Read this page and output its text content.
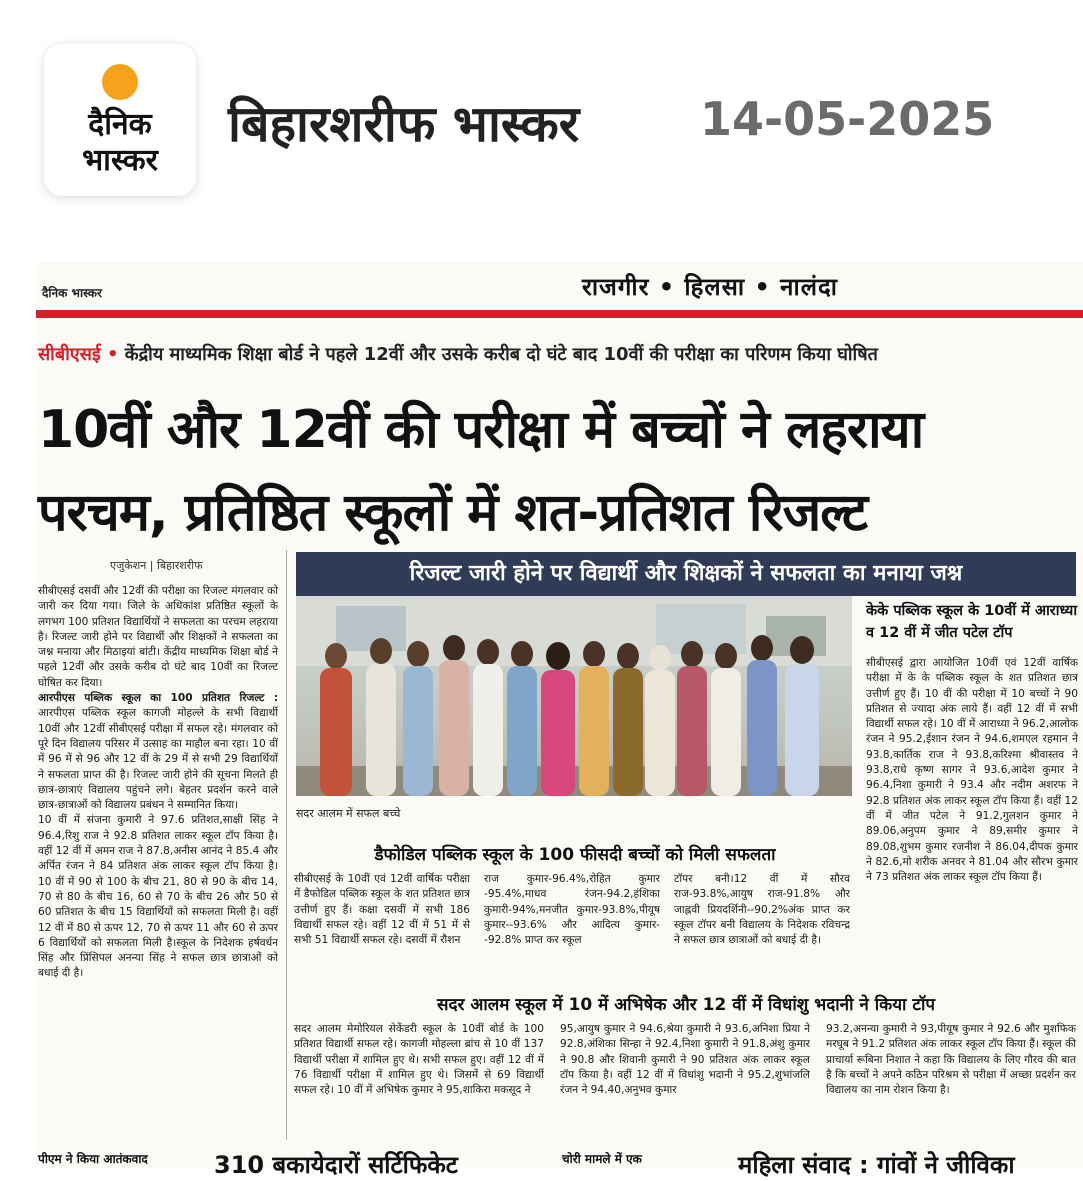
दैनिक
भास्कर
बिहारशरीफ भास्कर	14-05-2025
दैनिक भास्कर	राजगीर • हिलसा • नालंदा
सीबीएसई • केंद्रीय माध्यमिक शिक्षा बोर्ड ने पहले 12वीं और उसके करीब दो घंटे बाद 10वीं की परीक्षा का परिणम किया घोषित
10वीं और 12वीं की परीक्षा में बच्चों ने लहराया
परचम, प्रतिष्ठित स्कूलों में शत-प्रतिशत रिजल्ट
एजुकेशन | बिहारशरीफ

सीबीएसई दसवीं और 12वीं की परीक्षा का रिजल्ट मंगलवार को जारी कर दिया गया। जिले के अधिकांश प्रतिष्ठित स्कूलों के लगभग 100 प्रतिशत विद्यार्थियों ने सफलता का परचम लहराया है। रिजल्ट जारी होने पर विद्यार्थी और शिक्षकों ने सफलता का जश्न मनाया और मिठाइयां बांटी। केंद्रीय माध्यमिक शिक्षा बोर्ड ने पहले 12वीं और उसके करीब दो घंटे बाद 10वीं का रिजल्ट घोषित कर दिया।

आरपीएस पब्लिक स्कूल का 100 प्रतिशत रिजल्ट : आरपीएस पब्लिक स्कूल कागजी मोहल्ले के सभी विद्यार्थी 10वीं और 12वीं सीबीएसई परीक्षा में सफल रहे। मंगलवार को पूरे दिन विद्यालय परिसर में उत्साह का माहौल बना रहा। 10 वीं में 96 में से 96 और 12 वीं के 29 में से सभी 29 विद्यार्थियों ने सफलता प्राप्त की है। रिजल्ट जारी होने की सूचना मिलते ही छात्र-छात्राएं विद्यालय पहुंचने लगे। बेहतर प्रदर्शन करने वाले छात्र-छात्राओं को विद्यालय प्रबंधन ने सम्मानित किया।

10 वीं में संजना कुमारी ने 97.6 प्रतिशत,साक्षी सिंह ने 96.4,रिशु राज ने 92.8 प्रतिशत लाकर स्कूल टॉप किया है। वहीं 12 वीं में अमन राज ने 87.8,अनीस आनंद ने 85.4 और अर्पित रंजन ने 84 प्रतिशत अंक लाकर स्कूल टॉप किया है। 10 वीं में 90 से 100 के बीच 21, 80 से 90 के बीच 14, 70 से 80 के बीच 16, 60 से 70 के बीच 26 और 50 से 60 प्रतिशत के बीच 15 विद्यार्थियों को सफलता मिली है। वहीं 12 वीं में 80 से ऊपर 12, 70 से ऊपर 11 और 60 से ऊपर 6 विद्यार्थियों को सफलता मिली है।स्कूल के निदेशक हर्षवर्धन सिंह और प्रिंसिपल अनन्या सिंह ने सफल छात्र छात्राओं को बधाई दी है।

रिजल्ट जारी होने पर विद्यार्थी और शिक्षकों ने सफलता का मनाया जश्न
सदर आलम में सफल बच्चे
केके पब्लिक स्कूल के 10वीं में आराध्या व 12 वीं में जीत पटेल टॉप
सीबीएसई द्वारा आयोजित 10वीं एवं 12वीं वार्षिक परीक्षा में के के पब्लिक स्कूल के शत प्रतिशत छात्र उत्तीर्ण हुए हैं। 10 वीं की परीक्षा में 10 बच्चों ने 90 प्रतिशत से ज्यादा अंक लाये हैं। वहीं 12 वीं में सभी विद्यार्थी सफल रहे। 10 वीं में आराध्या ने 96.2,आलोक रंजन ने 95.2,ईशान रंजन ने 94.6,शमएल रहमान ने 93.8,कार्तिक राज ने 93.8,करिश्मा श्रीवास्तव ने 93.8,राधे कृष्ण सागर ने 93.6,आदेश कुमार ने 96.4,निशा कुमारी ने 93.4 और नदीम अशरफ ने 92.8 प्रतिशत अंक लाकर स्कूल टॉप किया हैं। वहीं 12 वीं में जीत पटेल ने 91.2,गुलशन कुमार ने 89.06,अनुपम कुमार ने 89,समीर कुमार ने 89.08,शुभम कुमार रजनीश ने 86.04,दीपक कुमार ने 82.6,मो शरीक अनवर ने 81.04 और सौरभ कुमार ने 73 प्रतिशत अंक लाकर स्कूल टॉप किया हैं।
डैफोडिल पब्लिक स्कूल के 100 फीसदी बच्चों को मिली सफलता
सीबीएसई के 10वीं एवं 12वीं वार्षिक परीक्षा में डैफोडिल पब्लिक स्कूल के शत प्रतिशत छात्र उत्तीर्ण हुए हैं। कक्षा दसवीं में सभी 186 विद्यार्थी सफल रहे। वहीं 12 वीं में 51 में से सभी 51 विद्यार्थी सफल रहे। दसवीं में रौशन
राज कुमार-96.4%,रोहित कुमार -95.4%,माधव रंजन-94.2,हंशिका कुमारी-94%,मनजीत कुमार-93.8%,पीयूष कुमार--93.6% और आदित्य कुमार--92.8% प्राप्त कर स्कूल
टॉपर बनी।12 वीं में सौरव राज-93.8%,आयुष राज-91.8% और जाह्नवी प्रियदर्शिनी--90.2%अंक प्राप्त कर स्कूल टॉपर बनी विद्यालय के निदेशक रविचन्द्र ने सफल छात्र छात्राओं को बधाई दी है।
सदर आलम स्कूल में 10 में अभिषेक और 12 वीं में विधांशु भदानी ने किया टॉप
सदर आलम मेमोरियल सेकेंडरी स्कूल के 10वीं बोर्ड के 100 प्रतिशत विद्यार्थी सफल रहे। कागजी मोहल्ला ब्रांच से 10 वीं 137 विद्यार्थी परीक्षा में शामिल हुए थे। सभी सफल हुए। वहीं 12 वीं में 76 विद्यार्थी परीक्षा में शामिल हुए थे। जिसमें से 69 विद्यार्थी सफल रहे। 10 वीं में अभिषेक कुमार ने 95,शाकिरा मकसूद ने
95,आयुष कुमार ने 94.6,श्रेया कुमारी ने 93.6,अनिशा प्रिया ने 92.8,अंशिका सिन्हा ने 92.4,निशा कुमारी ने 91.8,अंशु कुमार ने 90.8 और शिवानी कुमारी ने 90 प्रतिशत अंक लाकर स्कूल टॉप किया है। वहीं 12 वीं में विधांशु भदानी ने 95.2,शुभांजलि रंजन ने 94.40,अनुभव कुमार
93.2,अनन्या कुमारी ने 93,पीयूष कुमार ने 92.6 और मुशफिक मरघूब ने 91.2 प्रतिशत अंक लाकर स्कूल टॉप किया हैं। स्कूल की प्राचार्या रूबिना निशात ने कहा कि विद्यालय के लिए गौरव की बात है कि बच्चों ने अपने कठिन परिश्रम से परीक्षा में अच्छा प्रदर्शन कर विद्यालय का नाम रोशन किया है।
पीएम ने किया आतंकवाद	310 बकायेदारों सर्टिफिकेट	चोरी मामले में एक	महिला संवाद : गांवों ने जीविका
